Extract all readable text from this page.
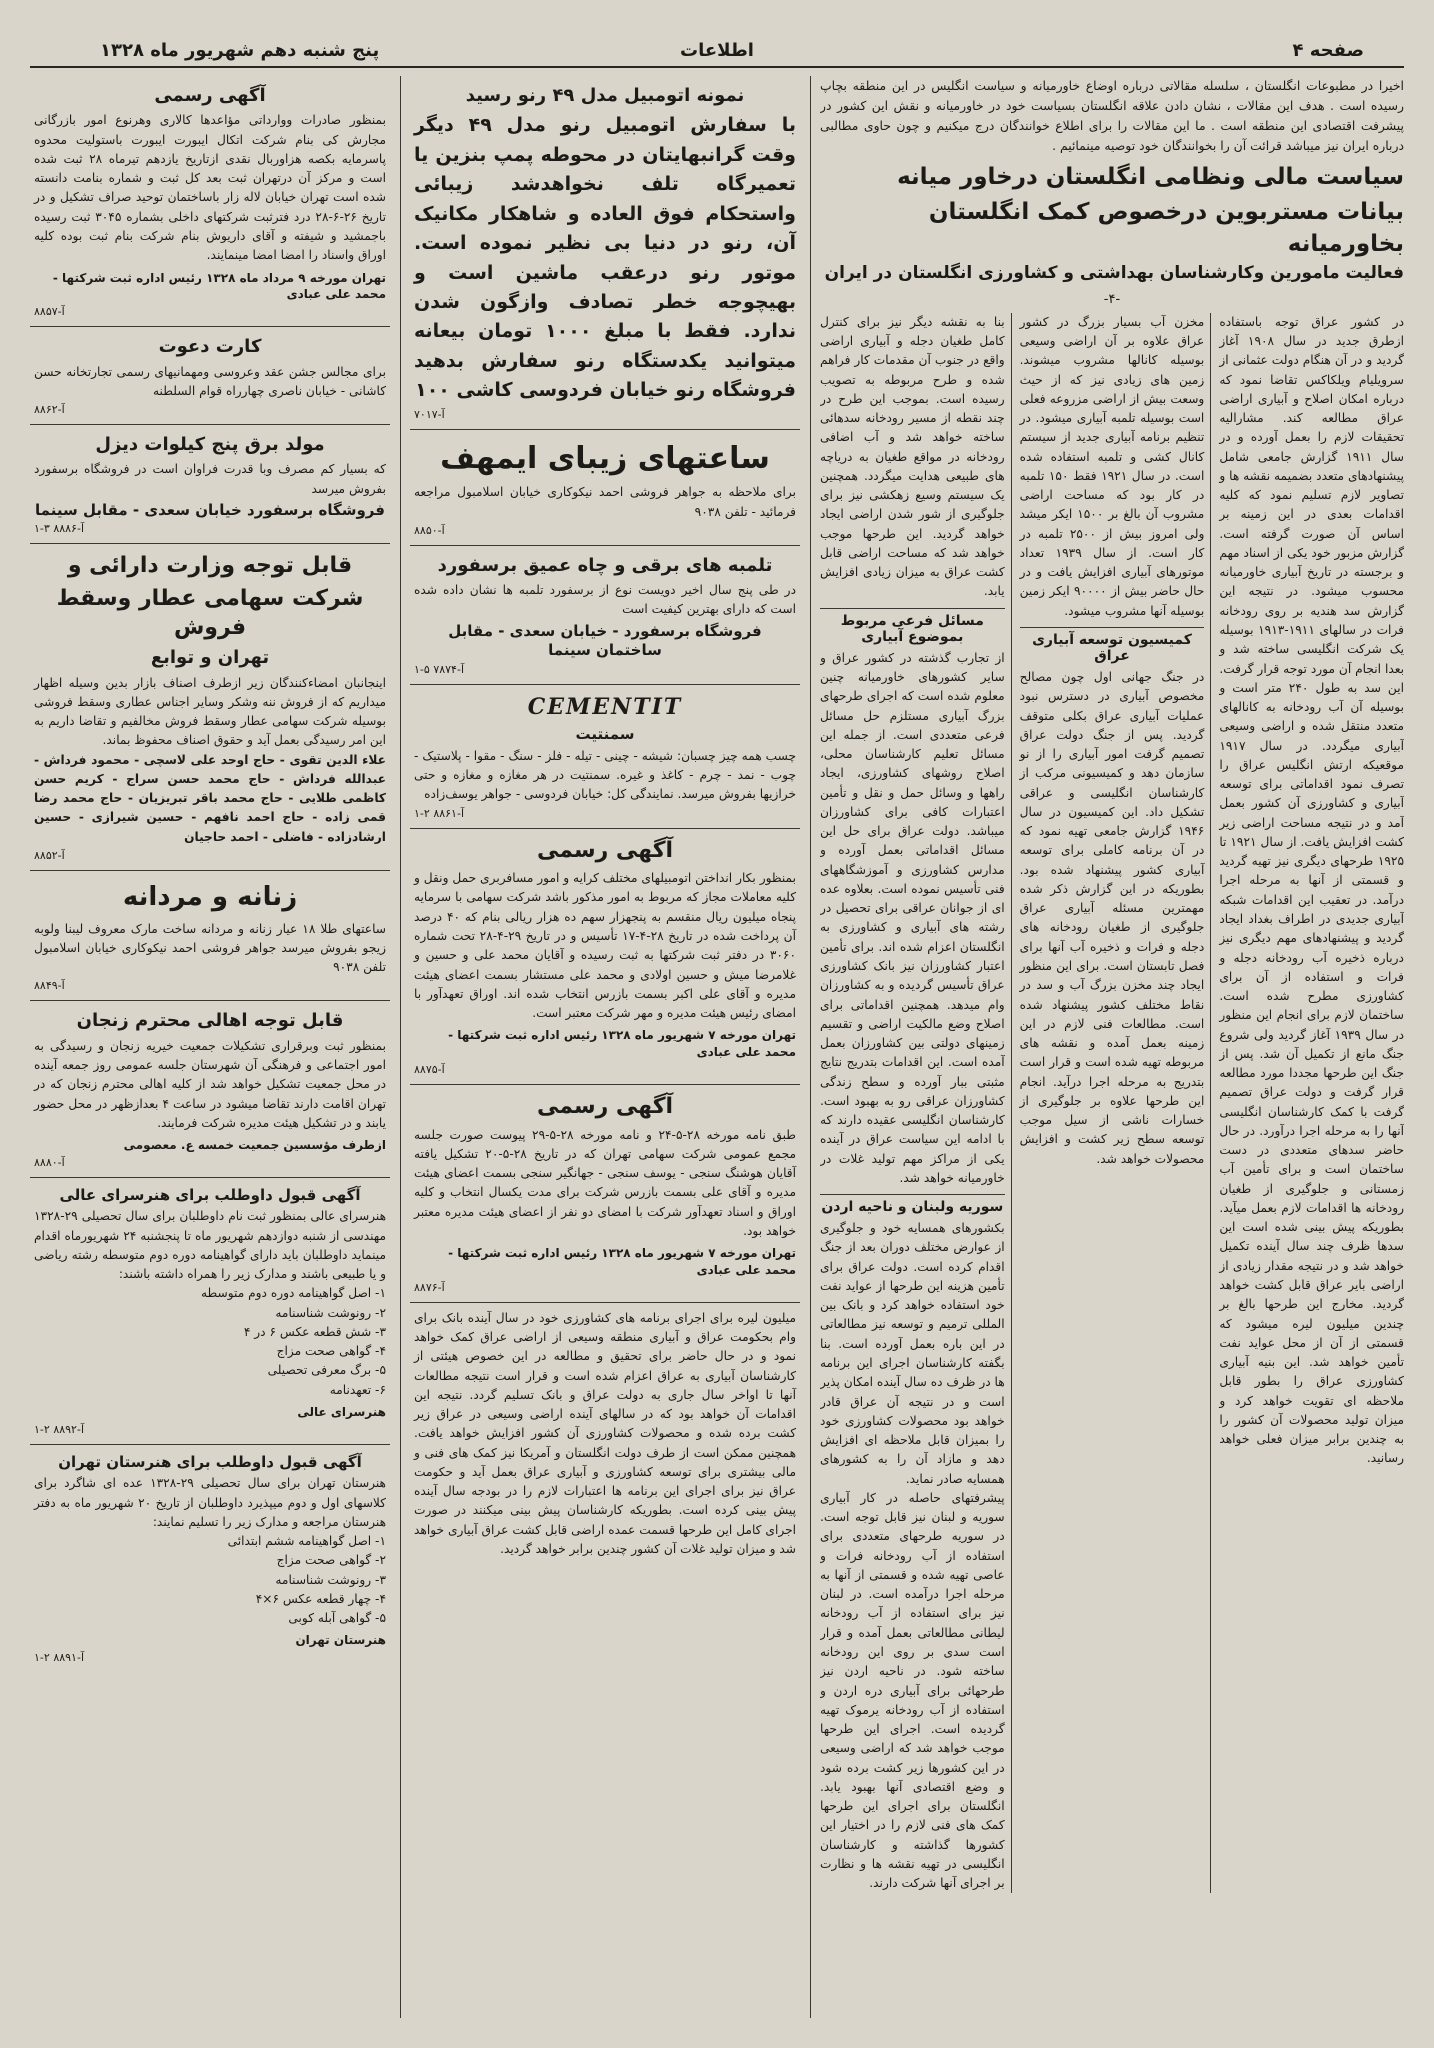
پنج شنبه دهم شهریور ماه ۱۳۲۸	اطلاعات	صفحه ۴
آگهی رسمی

بمنظور صادرات ووارداتی مؤاعدها کالاری وهرنوع امور بازرگانی مجارش کی بنام شرکت اتکال ایبورت ایبورت باستولیت محدوه پاسرمایه بکصه هزاوربال نقدی ازتاریخ یازدهم تیرماه ۲۸ ثبت شده است و مرکز آن درتهران ثبت بعد کل ثبت و شماره بنامت دانسته شده است تهران خیابان لاله زار باساختمان توحید صراف تشکیل و در تاریخ ۲۶-۶-۲۸ درد فترثبت شرکتهای داخلی بشماره ۳۰۴۵ ثبت رسیده باجمشید و شیفته و آقای داریوش بنام شرکت بنام ثبت بوده کلیه اوراق واسناد را امضا امضا مینمایند.

تهران مورخه ۹ مرداد ماه ۱۳۲۸ رئیس اداره ثبت شرکتها - محمد علی عبادی
آ-۸۸۵۷
کارت دعوت

برای مجالس جشن عقد وعروسی ومهمانیهای رسمی تجارتخانه حسن کاشانی - خیابان ناصری چهارراه قوام السلطنه

آ-۸۸۶۲
مولد برق پنج کیلوات دیزل

که بسیار کم مصرف وبا قدرت فراوان است در فروشگاه برسفورد بفروش میرسد

فروشگاه برسفورد خیابان سعدی - مقابل سینما
آ-۸۸۸۶ ۳-۱
قابل توجه وزارت دارائی و
شرکت سهامی عطار وسقط فروش
تهران و توابع

اینجانبان امضاءکنندگان زیر ازطرف اصناف بازار بدین وسیله اظهار میداریم که از فروش ننه وشکر وسایر اجناس عطاری وسقط فروشی بوسیله شرکت سهامی عطار وسقط فروش مخالفیم و تقاضا داریم به این امر رسیدگی بعمل آید و حقوق اصناف محفوظ بماند.

علاء الدین تقوی - حاج اوحد علی لاسچی - محمود فرداش - عبدالله فرداش - حاج محمد حسن سراج - کریم حسن کاظمی طلایی - حاج محمد باقر تبریزیان - حاج محمد رضا قمی زاده - حاج احمد نافهم - حسین شیرازی - حسین ارشادزاده - فاضلی - احمد حاجیان

آ-۸۸۵۲
زنانه و مردانه

ساعتهای طلا ۱۸ عیار زنانه و مردانه ساخت مارک معروف لیبنا ولوبه زیجو بفروش میرسد جواهر فروشی احمد نیکوکاری خیابان اسلامبول تلفن ۹۰۳۸

آ-۸۸۴۹
قابل توجه اهالی محترم زنجان

بمنظور ثبت وبرقراری تشکیلات جمعیت خیریه زنجان و رسیدگی به امور اجتماعی و فرهنگی آن شهرستان جلسه عمومی روز جمعه آینده در محل جمعیت تشکیل خواهد شد از کلیه اهالی محترم زنجان که در تهران اقامت دارند تقاضا میشود در ساعت ۴ بعدازظهر در محل حضور یابند و در تشکیل هیئت مدیره شرکت فرمایند.

ازطرف مؤسسین جمعیت خمسه ع. معصومی
آ-۸۸۸۰
آگهی قبول داوطلب برای هنرسرای عالی

هنرسرای عالی بمنظور ثبت نام داوطلبان برای سال تحصیلی ۲۹-۱۳۲۸ مهندسی از شنبه دوازدهم شهریور ماه تا پنجشنبه ۲۴ شهریورماه اقدام مینماید داوطلبان باید دارای گواهینامه دوره دوم متوسطه رشته ریاضی و یا طبیعی باشند و مدارک زیر را همراه داشته باشند:

۱- اصل گواهینامه دوره دوم متوسطه
۲- رونوشت شناسنامه
۳- شش قطعه عکس ۶ در ۴
۴- گواهی صحت مزاج
۵- برگ معرفی تحصیلی
۶- تعهدنامه
هنرسرای عالی
آ-۸۸۹۲ ۲-۱
آگهی قبول داوطلب برای هنرستان تهران

هنرستان تهران برای سال تحصیلی ۲۹-۱۳۲۸ عده ای شاگرد برای کلاسهای اول و دوم میپذیرد داوطلبان از تاریخ ۲۰ شهریور ماه به دفتر هنرستان مراجعه و مدارک زیر را تسلیم نمایند:

۱- اصل گواهینامه ششم ابتدائی
۲- گواهی صحت مزاج
۳- رونوشت شناسنامه
۴- چهار قطعه عکس ۶×۴
۵- گواهی آبله کوبی
هنرستان تهران
آ-۸۸۹۱ ۲-۱
نمونه اتومبیل مدل ۴۹ رنو رسید

با سفارش اتومبیل رنو مدل ۴۹ دیگر وقت گرانبهایتان در محوطه پمپ بنزین یا تعمیرگاه تلف نخواهدشد زیبائی واستحکام فوق العاده و شاهکار مکانیک آن، رنو در دنیا بی نظیر نموده است. موتور رنو درعقب ماشین است و بهیچوجه خطر تصادف وازگون شدن ندارد. فقط با مبلغ ۱۰۰۰ تومان بیعانه میتوانید یکدستگاه رنو سفارش بدهید فروشگاه رنو خیابان فردوسی کاشی ۱۰۰

آ-۷۰۱۷
ساعتهای زیبای ایمهف

برای ملاحظه به جواهر فروشی احمد نیکوکاری خیابان اسلامبول مراجعه فرمائید - تلفن ۹۰۳۸

آ-۸۸۵۰
تلمبه های برقی و چاه عمیق برسفورد

در طی پنج سال اخیر دویست نوع از برسفورد تلمبه ها نشان داده شده است که دارای بهترین کیفیت است

فروشگاه برسفورد - خیابان سعدی - مقابل ساختمان سینما
آ-۷۸۷۴ ۵-۱
CEMENTIT
سمنتیت

چسب همه چیز چسبان: شیشه - چینی - تیله - فلز - سنگ - مقوا - پلاستیک - چوب - نمد - چرم - کاغذ و غیره. سمنتیت در هر مغازه و مغازه و حتی خرازیها بفروش میرسد. نمایندگی کل: خیابان فردوسی - جواهر یوسف‌زاده

آ-۸۸۶۱ ۲-۱
آگهی رسمی

بمنظور بکار انداختن اتومبیلهای مختلف کرایه و امور مسافربری حمل ونقل و کلیه معاملات مجاز که مربوط به امور مذکور باشد شرکت سهامی با سرمایه پنجاه میلیون ریال منقسم به پنجهزار سهم ده هزار ریالی بنام که ۴۰ درصد آن پرداخت شده در تاریخ ۲۸-۴-۱۷ تأسیس و در تاریخ ۲۹-۴-۲۸ تحت شماره ۳۰۶۰ در دفتر ثبت شرکتها به ثبت رسیده و آقایان محمد علی و حسین و غلامرضا میش و حسین اولادی و محمد علی مستشار بسمت اعضای هیئت مدیره و آقای علی اکبر بسمت بازرس انتخاب شده اند. اوراق تعهدآور با امضای رئیس هیئت مدیره و مهر شرکت معتبر است.

تهران مورخه ۷ شهریور ماه ۱۳۲۸ رئیس اداره ثبت شرکتها - محمد علی عبادی
آ-۸۸۷۵
آگهی رسمی

طبق نامه مورخه ۲۸-۵-۲۴ و نامه مورخه ۲۸-۵-۲۹ پیوست صورت جلسه مجمع عمومی شرکت سهامی تهران که در تاریخ ۲۸-۵-۲۰ تشکیل یافته آقایان هوشنگ سنجی - یوسف سنجی - جهانگیر سنجی بسمت اعضای هیئت مدیره و آقای علی بسمت بازرس شرکت برای مدت یکسال انتخاب و کلیه اوراق و اسناد تعهدآور شرکت با امضای دو نفر از اعضای هیئت مدیره معتبر خواهد بود.

تهران مورخه ۷ شهریور ماه ۱۳۲۸ رئیس اداره ثبت شرکتها - محمد علی عبادی
آ-۸۸۷۶

میلیون لیره برای اجرای برنامه های کشاورزی خود در سال آینده بانک برای وام بحکومت عراق و آبیاری منطقه وسیعی از اراضی عراق کمک خواهد نمود و در حال حاضر برای تحقیق و مطالعه در این خصوص هیئتی از کارشناسان آبیاری به عراق اعزام شده است و قرار است نتیجه مطالعات آنها تا اواخر سال جاری به دولت عراق و بانک تسلیم گردد. نتیجه این اقدامات آن خواهد بود که در سالهای آینده اراضی وسیعی در عراق زیر کشت برده شده و محصولات کشاورزی آن کشور افزایش خواهد یافت. همچنین ممکن است از طرف دولت انگلستان و آمریکا نیز کمک های فنی و مالی بیشتری برای توسعه کشاورزی و آبیاری عراق بعمل آید و حکومت عراق نیز برای اجرای این برنامه ها اعتبارات لازم را در بودجه سال آینده پیش بینی کرده است. بطوریکه کارشناسان پیش بینی میکنند در صورت اجرای کامل این طرحها قسمت عمده اراضی قابل کشت عراق آبیاری خواهد شد و میزان تولید غلات آن کشور چندین برابر خواهد گردید.

اخیرا در مطبوعات انگلستان ، سلسله مقالاتی درباره اوضاع خاورمیانه و سیاست انگلیس در این منطقه بچاپ رسیده است . هدف این مقالات ، نشان دادن علاقه انگلستان بسیاست خود در خاورمیانه و نقش این کشور در پیشرفت اقتصادی این منطقه است . ما این مقالات را برای اطلاع خوانندگان درج میکنیم و چون حاوی مطالبی درباره ایران نیز میباشد قرائت آن را بخوانندگان خود توصیه مینمائیم .

سیاست مالی ونظامی انگلستان درخاور میانه
بیانات مستربوین درخصوص کمک انگلستان بخاورمیانه
فعالیت مامورین وکارشناسان بهداشتی و کشاورزی انگلستان در ایران
-۴-

در کشور عراق توجه باستفاده ازطرق جدید در سال ۱۹۰۸ آغاز گردید و در آن هنگام دولت عثمانی از سرویلیام ویلکاکس تقاضا نمود که درباره امکان اصلاح و آبیاری اراضی عراق مطالعه کند. مشارالیه تحقیقات لازم را بعمل آورده و در سال ۱۹۱۱ گزارش جامعی شامل پیشنهادهای متعدد بضمیمه نقشه ها و تصاویر لازم تسلیم نمود که کلیه اقدامات بعدی در این زمینه بر اساس آن صورت گرفته است. گزارش مزبور خود یکی از اسناد مهم و برجسته در تاریخ آبیاری خاورمیانه محسوب میشود. در نتیجه این گزارش سد هندیه بر روی رودخانه فرات در سالهای ۱۹۱۱-۱۹۱۳ بوسیله یک شرکت انگلیسی ساخته شد و بعدا انجام آن مورد توجه قرار گرفت. این سد به طول ۲۴۰ متر است و بوسیله آن آب رودخانه به کانالهای متعدد منتقل شده و اراضی وسیعی آبیاری میگردد. در سال ۱۹۱۷ موقعیکه ارتش انگلیس عراق را تصرف نمود اقداماتی برای توسعه آبیاری و کشاورزی آن کشور بعمل آمد و در نتیجه مساحت اراضی زیر کشت افزایش یافت. از سال ۱۹۲۱ تا ۱۹۲۵ طرحهای دیگری نیز تهیه گردید و قسمتی از آنها به مرحله اجرا درآمد. در تعقیب این اقدامات شبکه آبیاری جدیدی در اطراف بغداد ایجاد گردید و پیشنهادهای مهم دیگری نیز درباره ذخیره آب رودخانه دجله و فرات و استفاده از آن برای کشاورزی مطرح شده است. ساختمان لازم برای انجام این منظور در سال ۱۹۳۹ آغاز گردید ولی شروع جنگ مانع از تکمیل آن شد. پس از جنگ این طرحها مجددا مورد مطالعه قرار گرفت و دولت عراق تصمیم گرفت با کمک کارشناسان انگلیسی آنها را به مرحله اجرا درآورد. در حال حاضر سدهای متعددی در دست ساختمان است و برای تأمین آب زمستانی و جلوگیری از طغیان رودخانه ها اقدامات لازم بعمل میآید. بطوریکه پیش بینی شده است این سدها ظرف چند سال آینده تکمیل خواهد شد و در نتیجه مقدار زیادی از اراضی بایر عراق قابل کشت خواهد گردید. مخارج این طرحها بالغ بر چندین میلیون لیره میشود که قسمتی از آن از محل عواید نفت تأمین خواهد شد. این بنیه آبیاری کشاورزی عراق را بطور قابل ملاحظه ای تقویت خواهد کرد و میزان تولید محصولات آن کشور را به چندین برابر میزان فعلی خواهد رسانید.

مخزن آب بسیار بزرگ در کشور عراق علاوه بر آن اراضی وسیعی بوسیله کانالها مشروب میشوند. زمین های زیادی نیز که از حیث وسعت بیش از اراضی مزروعه فعلی است بوسیله تلمبه آبیاری میشود. در تنظیم برنامه آبیاری جدید از سیستم کانال کشی و تلمبه استفاده شده است. در سال ۱۹۲۱ فقط ۱۵۰ تلمبه در کار بود که مساحت اراضی مشروب آن بالغ بر ۱۵۰۰ ایکر میشد ولی امروز بیش از ۲۵۰۰ تلمبه در کار است. از سال ۱۹۳۹ تعداد موتورهای آبیاری افزایش یافت و در حال حاضر بیش از ۹۰۰۰۰ ایکر زمین بوسیله آنها مشروب میشود.

کمیسیون توسعه آبیاری عراق

در جنگ جهانی اول چون مصالح مخصوص آبیاری در دسترس نبود عملیات آبیاری عراق بکلی متوقف گردید. پس از جنگ دولت عراق تصمیم گرفت امور آبیاری را از نو سازمان دهد و کمیسیونی مرکب از کارشناسان انگلیسی و عراقی تشکیل داد. این کمیسیون در سال ۱۹۴۶ گزارش جامعی تهیه نمود که در آن برنامه کاملی برای توسعه آبیاری کشور پیشنهاد شده بود. بطوریکه در این گزارش ذکر شده مهمترین مسئله آبیاری عراق جلوگیری از طغیان رودخانه های دجله و فرات و ذخیره آب آنها برای فصل تابستان است. برای این منظور ایجاد چند مخزن بزرگ آب و سد در نقاط مختلف کشور پیشنهاد شده است. مطالعات فنی لازم در این زمینه بعمل آمده و نقشه های مربوطه تهیه شده است و قرار است بتدریج به مرحله اجرا درآید. انجام این طرحها علاوه بر جلوگیری از خسارات ناشی از سیل موجب توسعه سطح زیر کشت و افزایش محصولات خواهد شد.

بنا به نقشه دیگر نیز برای کنترل کامل طغیان دجله و آبیاری اراضی واقع در جنوب آن مقدمات کار فراهم شده و طرح مربوطه به تصویب رسیده است. بموجب این طرح در چند نقطه از مسیر رودخانه سدهائی ساخته خواهد شد و آب اضافی رودخانه در مواقع طغیان به دریاچه های طبیعی هدایت میگردد. همچنین یک سیستم وسیع زهکشی نیز برای جلوگیری از شور شدن اراضی ایجاد خواهد گردید. این طرحها موجب خواهد شد که مساحت اراضی قابل کشت عراق به میزان زیادی افزایش یابد.

مسائل فرعی مربوط بموضوع آبیاری

از تجارب گذشته در کشور عراق و سایر کشورهای خاورمیانه چنین معلوم شده است که اجرای طرحهای بزرگ آبیاری مستلزم حل مسائل فرعی متعددی است. از جمله این مسائل تعلیم کارشناسان محلی، اصلاح روشهای کشاورزی، ایجاد راهها و وسائل حمل و نقل و تأمین اعتبارات کافی برای کشاورزان میباشد. دولت عراق برای حل این مسائل اقداماتی بعمل آورده و مدارس کشاورزی و آموزشگاههای فنی تأسیس نموده است. بعلاوه عده ای از جوانان عراقی برای تحصیل در رشته های آبیاری و کشاورزی به انگلستان اعزام شده اند. برای تأمین اعتبار کشاورزان نیز بانک کشاورزی عراق تأسیس گردیده و به کشاورزان وام میدهد. همچنین اقداماتی برای اصلاح وضع مالکیت اراضی و تقسیم زمینهای دولتی بین کشاورزان بعمل آمده است. این اقدامات بتدریج نتایج مثبتی ببار آورده و سطح زندگی کشاورزان عراقی رو به بهبود است. کارشناسان انگلیسی عقیده دارند که با ادامه این سیاست عراق در آینده یکی از مراکز مهم تولید غلات در خاورمیانه خواهد شد.

سوریه ولبنان و ناحیه اردن

بکشورهای همسایه خود و جلوگیری از عوارض مختلف دوران بعد از جنگ اقدام کرده است. دولت عراق برای تأمین هزینه این طرحها از عواید نفت خود استفاده خواهد کرد و بانک بین المللی ترمیم و توسعه نیز مطالعاتی در این باره بعمل آورده است. بنا بگفته کارشناسان اجرای این برنامه ها در ظرف ده سال آینده امکان پذیر است و در نتیجه آن عراق قادر خواهد بود محصولات کشاورزی خود را بمیزان قابل ملاحظه ای افزایش دهد و مازاد آن را به کشورهای همسایه صادر نماید.

پیشرفتهای حاصله در کار آبیاری سوریه و لبنان نیز قابل توجه است. در سوریه طرحهای متعددی برای استفاده از آب رودخانه فرات و عاصی تهیه شده و قسمتی از آنها به مرحله اجرا درآمده است. در لبنان نیز برای استفاده از آب رودخانه لیطانی مطالعاتی بعمل آمده و قرار است سدی بر روی این رودخانه ساخته شود. در ناحیه اردن نیز طرحهائی برای آبیاری دره اردن و استفاده از آب رودخانه یرموک تهیه گردیده است. اجرای این طرحها موجب خواهد شد که اراضی وسیعی در این کشورها زیر کشت برده شود و وضع اقتصادی آنها بهبود یابد. انگلستان برای اجرای این طرحها کمک های فنی لازم را در اختیار این کشورها گذاشته و کارشناسان انگلیسی در تهیه نقشه ها و نظارت بر اجرای آنها شرکت دارند.
